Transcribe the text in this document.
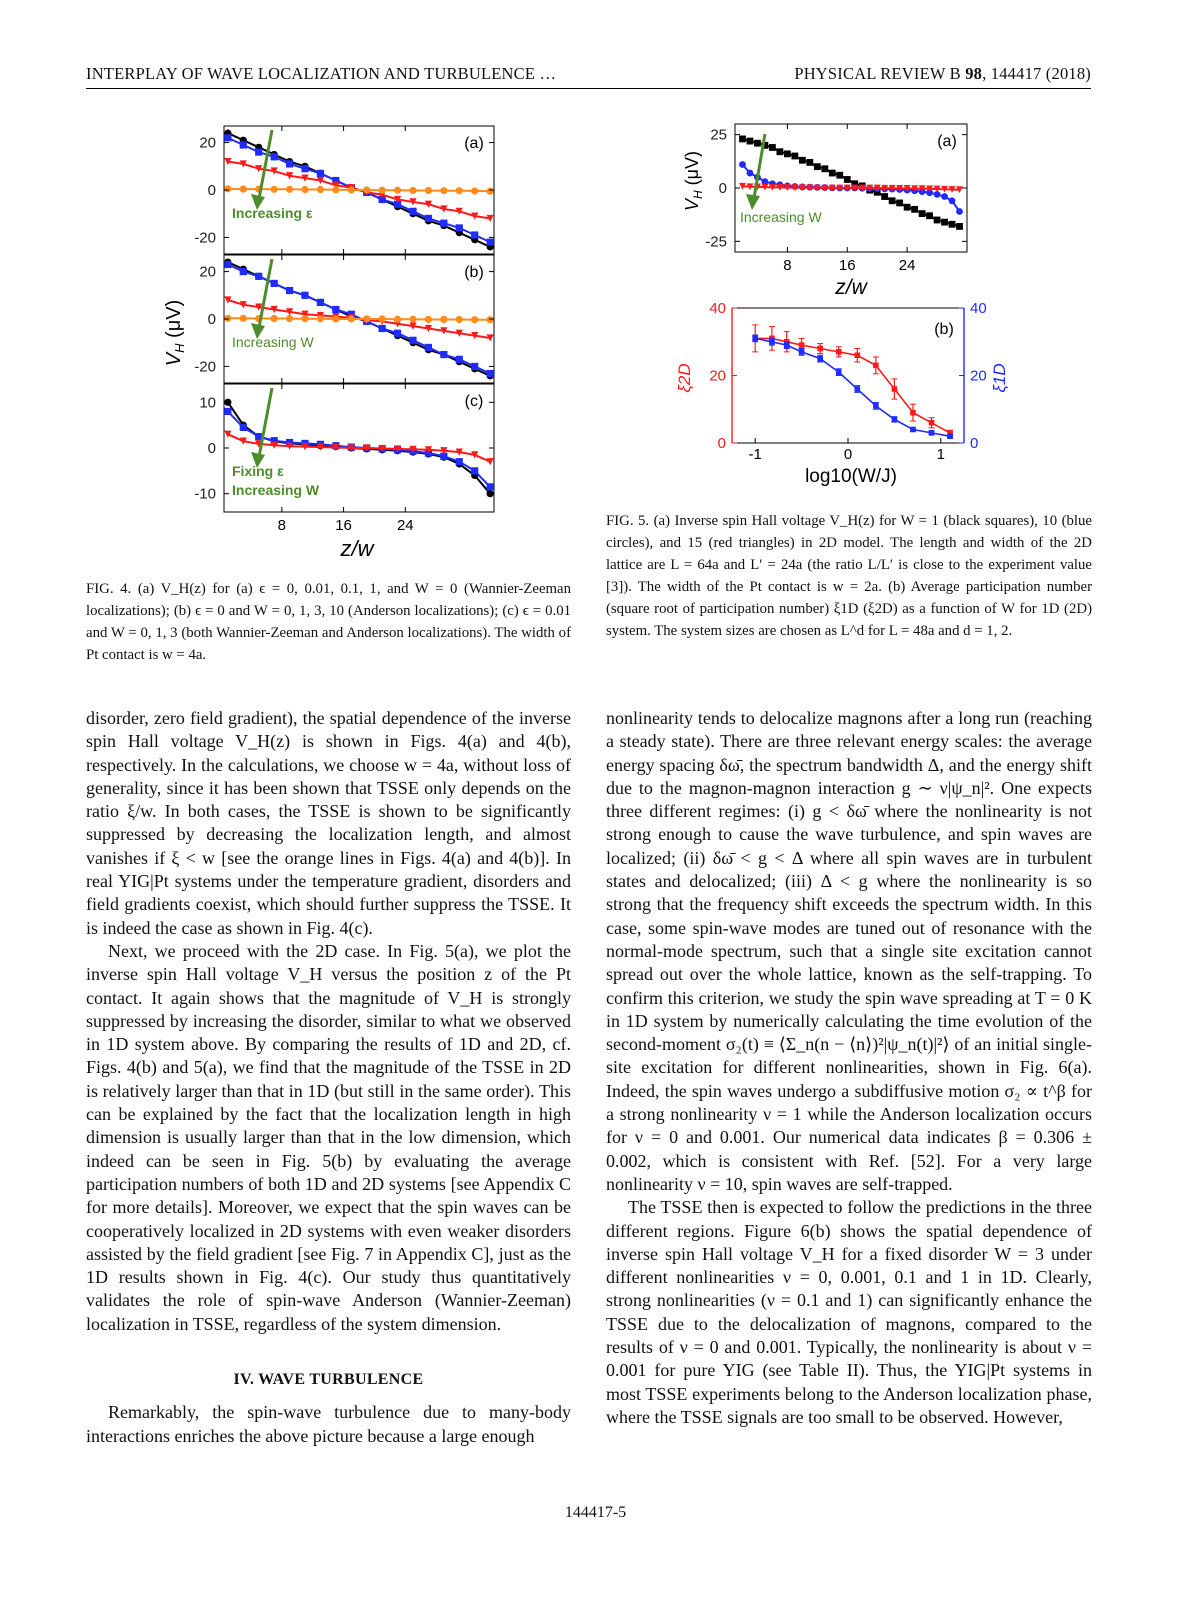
INTERPLAY OF WAVE LOCALIZATION AND TURBULENCE …	PHYSICAL REVIEW B 98, 144417 (2018)
$V_H$ (μV)
20
0
-20
(a)
Increasing ε
20
0
-20
(b)
Increasing W
10
0
-10
8	16	24
(c)
Fixing ε
Increasing W
z/w
$V_H$ (μV)
25
0
-25
8	16	24
(a)
Increasing W
z/w
40	40
20	20
0	0
-1	0	1
(b)
ξ2D	ξ1D
log10(W/J)
FIG. 4. (a) V_H(z) for (a) ϵ = 0, 0.01, 0.1, 1, and W = 0 (Wannier-Zeeman localizations); (b) ϵ = 0 and W = 0, 1, 3, 10 (Anderson localizations); (c) ϵ = 0.01 and W = 0, 1, 3 (both Wannier-Zeeman and Anderson localizations). The width of Pt contact is w = 4a.
FIG. 5. (a) Inverse spin Hall voltage V_H(z) for W = 1 (black squares), 10 (blue circles), and 15 (red triangles) in 2D model. The length and width of the 2D lattice are L = 64a and L′ = 24a (the ratio L/L′ is close to the experiment value [3]). The width of the Pt contact is w = 2a. (b) Average participation number (square root of participation number) ξ1D (ξ2D) as a function of W for 1D (2D) system. The system sizes are chosen as L^d for L = 48a and d = 1, 2.

disorder, zero field gradient), the spatial dependence of the inverse spin Hall voltage V_H(z) is shown in Figs. 4(a) and 4(b), respectively. In the calculations, we choose w = 4a, without loss of generality, since it has been shown that TSSE only depends on the ratio ξ/w. In both cases, the TSSE is shown to be significantly suppressed by decreasing the localization length, and almost vanishes if ξ < w [see the orange lines in Figs. 4(a) and 4(b)]. In real YIG|Pt systems under the temperature gradient, disorders and field gradients coexist, which should further suppress the TSSE. It is indeed the case as shown in Fig. 4(c).

Next, we proceed with the 2D case. In Fig. 5(a), we plot the inverse spin Hall voltage V_H versus the position z of the Pt contact. It again shows that the magnitude of V_H is strongly suppressed by increasing the disorder, similar to what we observed in 1D system above. By comparing the results of 1D and 2D, cf. Figs. 4(b) and 5(a), we find that the magnitude of the TSSE in 2D is relatively larger than that in 1D (but still in the same order). This can be explained by the fact that the localization length in high dimension is usually larger than that in the low dimension, which indeed can be seen in Fig. 5(b) by evaluating the average participation numbers of both 1D and 2D systems [see Appendix C for more details]. Moreover, we expect that the spin waves can be cooperatively localized in 2D systems with even weaker disorders assisted by the field gradient [see Fig. 7 in Appendix C], just as the 1D results shown in Fig. 4(c). Our study thus quantitatively validates the role of spin-wave Anderson (Wannier-Zeeman) localization in TSSE, regardless of the system dimension.

IV. WAVE TURBULENCE

Remarkably, the spin-wave turbulence due to many-body interactions enriches the above picture because a large enough

nonlinearity tends to delocalize magnons after a long run (reaching a steady state). There are three relevant energy scales: the average energy spacing δω̄, the spectrum bandwidth Δ, and the energy shift due to the magnon-magnon interaction g ∼ ν|ψ_n|². One expects three different regimes: (i) g < δω̄ where the nonlinearity is not strong enough to cause the wave turbulence, and spin waves are localized; (ii) δω̄ < g < Δ where all spin waves are in turbulent states and delocalized; (iii) Δ < g where the nonlinearity is so strong that the frequency shift exceeds the spectrum width. In this case, some spin-wave modes are tuned out of resonance with the normal-mode spectrum, such that a single site excitation cannot spread out over the whole lattice, known as the self-trapping. To confirm this criterion, we study the spin wave spreading at T = 0 K in 1D system by numerically calculating the time evolution of the second-moment σ₂(t) ≡ ⟨Σ_n(n − ⟨n⟩)²|ψ_n(t)|²⟩ of an initial single-site excitation for different nonlinearities, shown in Fig. 6(a). Indeed, the spin waves undergo a subdiffusive motion σ₂ ∝ t^β for a strong nonlinearity ν = 1 while the Anderson localization occurs for ν = 0 and 0.001. Our numerical data indicates β = 0.306 ± 0.002, which is consistent with Ref. [52]. For a very large nonlinearity ν = 10, spin waves are self-trapped.

The TSSE then is expected to follow the predictions in the three different regions. Figure 6(b) shows the spatial dependence of inverse spin Hall voltage V_H for a fixed disorder W = 3 under different nonlinearities ν = 0, 0.001, 0.1 and 1 in 1D. Clearly, strong nonlinearities (ν = 0.1 and 1) can significantly enhance the TSSE due to the delocalization of magnons, compared to the results of ν = 0 and 0.001. Typically, the nonlinearity is about ν = 0.001 for pure YIG (see Table II). Thus, the YIG|Pt systems in most TSSE experiments belong to the Anderson localization phase, where the TSSE signals are too small to be observed. However,

144417-5
